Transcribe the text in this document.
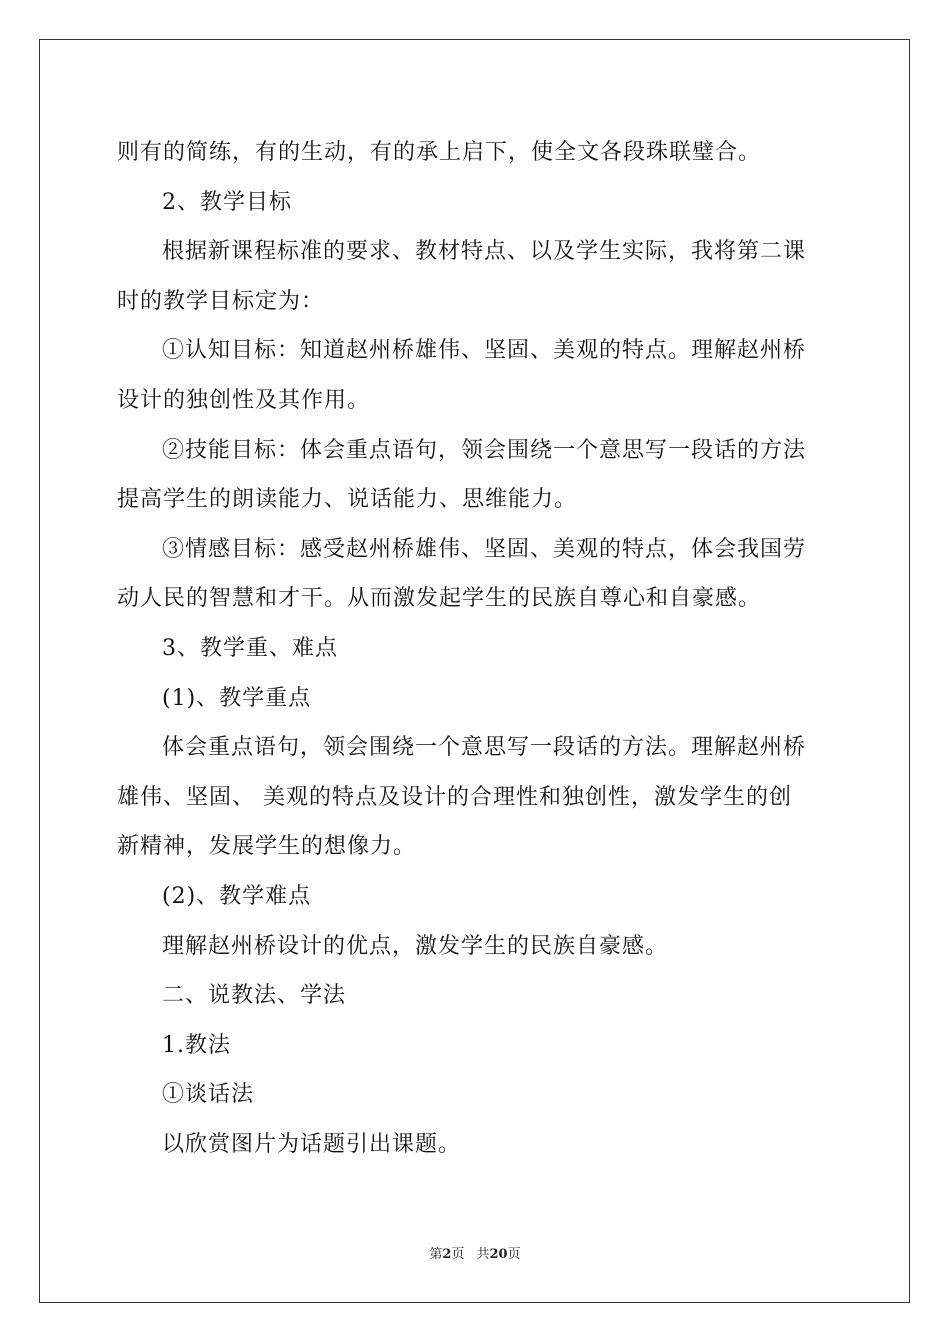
则有的简练，有的生动，有的承上启下，使全文各段珠联璧合。

2、教学目标

根据新课程标准的要求、教材特点、以及学生实际，我将第二课

时的教学目标定为：

①认知目标：知道赵州桥雄伟、坚固、美观的特点。理解赵州桥

设计的独创性及其作用。

②技能目标：体会重点语句，领会围绕一个意思写一段话的方法

提高学生的朗读能力、说话能力、思维能力。

③情感目标：感受赵州桥雄伟、坚固、美观的特点，体会我国劳

动人民的智慧和才干。从而激发起学生的民族自尊心和自豪感。

3、教学重、难点

(1)、教学重点

体会重点语句，领会围绕一个意思写一段话的方法。理解赵州桥

雄伟、坚固、 美观的特点及设计的合理性和独创性，激发学生的创

新精神，发展学生的想像力。

(2)、教学难点

理解赵州桥设计的优点，激发学生的民族自豪感。

二、说教法、学法

1.教法

①谈话法

以欣赏图片为话题引出课题。

第2页 共20页
